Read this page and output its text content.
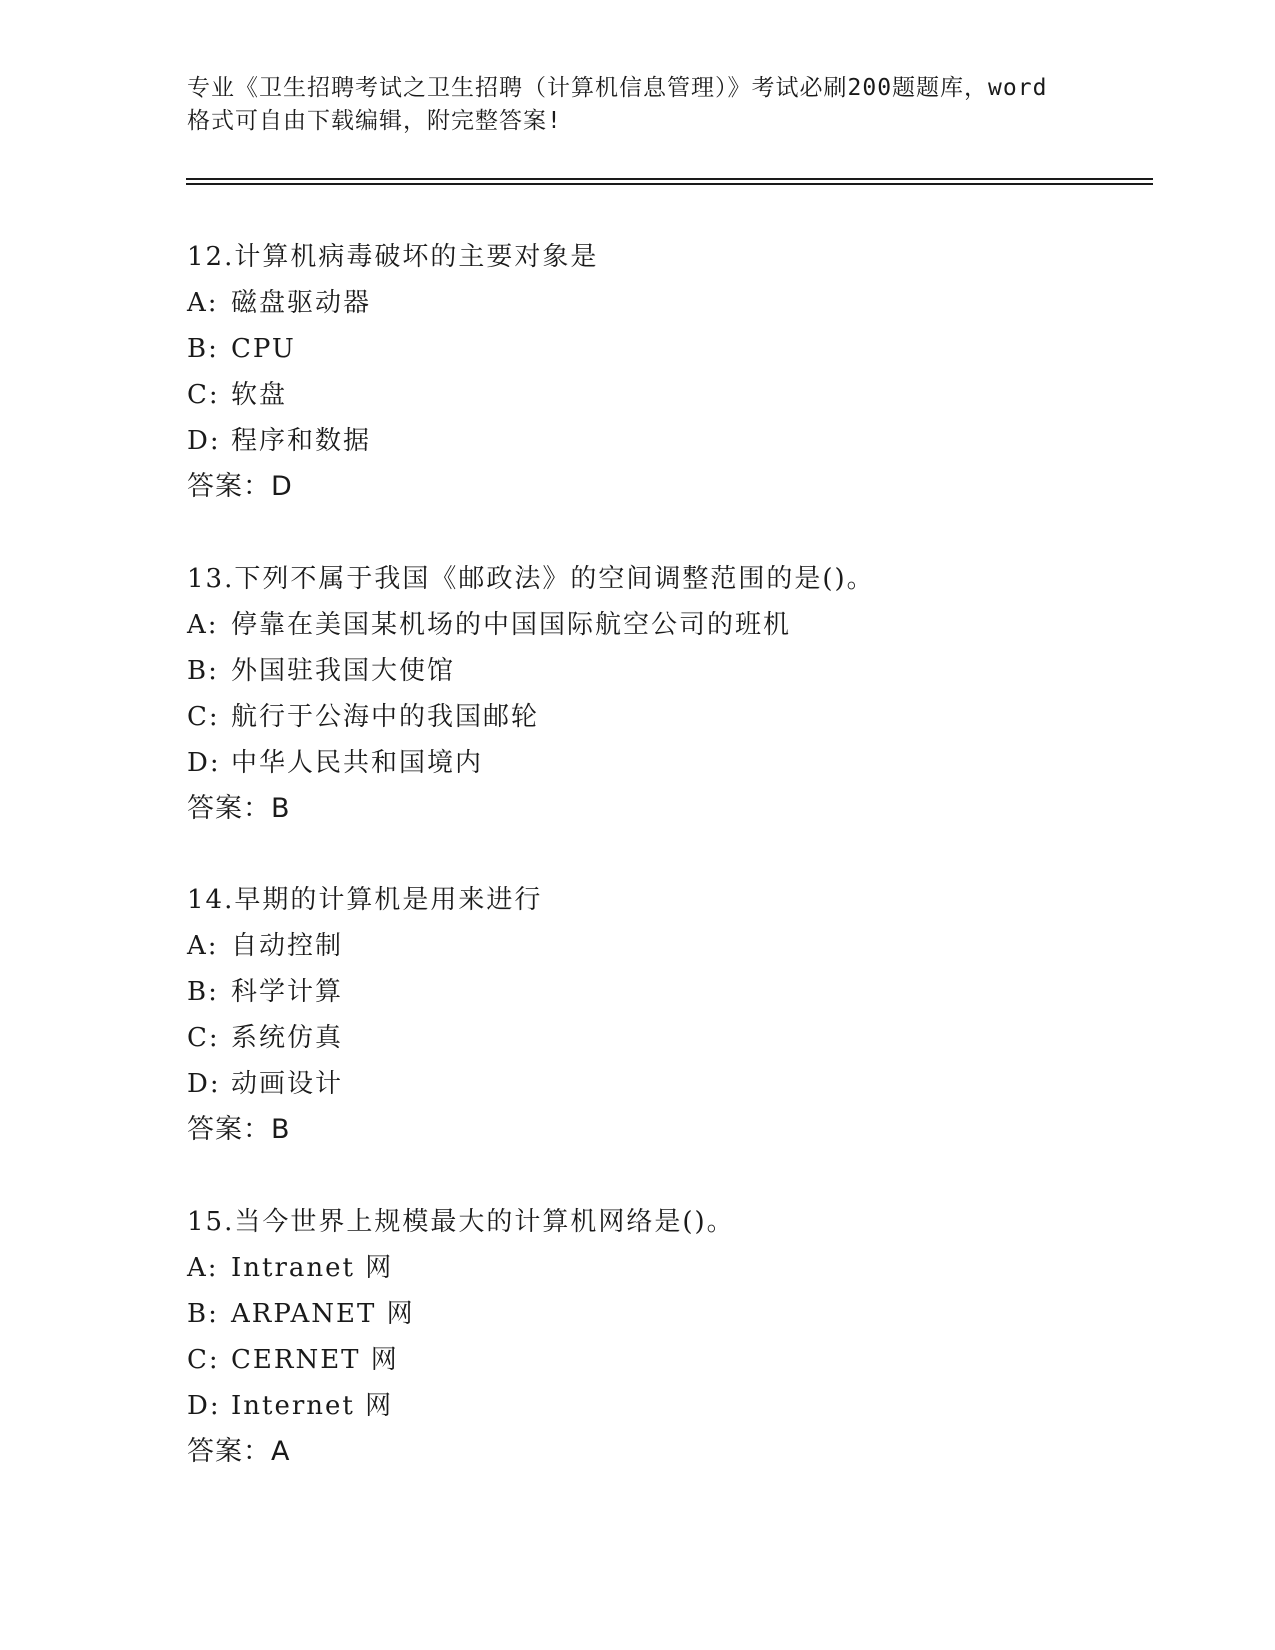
专业《卫生招聘考试之卫生招聘（计算机信息管理）》考试必刷200题题库，word
格式可自由下载编辑，附完整答案!
12.计算机病毒破坏的主要对象是
A: 磁盘驱动器
B: CPU
C: 软盘
D: 程序和数据
答案：D
13.下列不属于我国《邮政法》的空间调整范围的是()。
A: 停靠在美国某机场的中国国际航空公司的班机
B: 外国驻我国大使馆
C: 航行于公海中的我国邮轮
D: 中华人民共和国境内
答案：B
14.早期的计算机是用来进行
A: 自动控制
B: 科学计算
C: 系统仿真
D: 动画设计
答案：B
15.当今世界上规模最大的计算机网络是()。
A: Intranet 网
B: ARPANET 网
C: CERNET 网
D: Internet 网
答案：A
